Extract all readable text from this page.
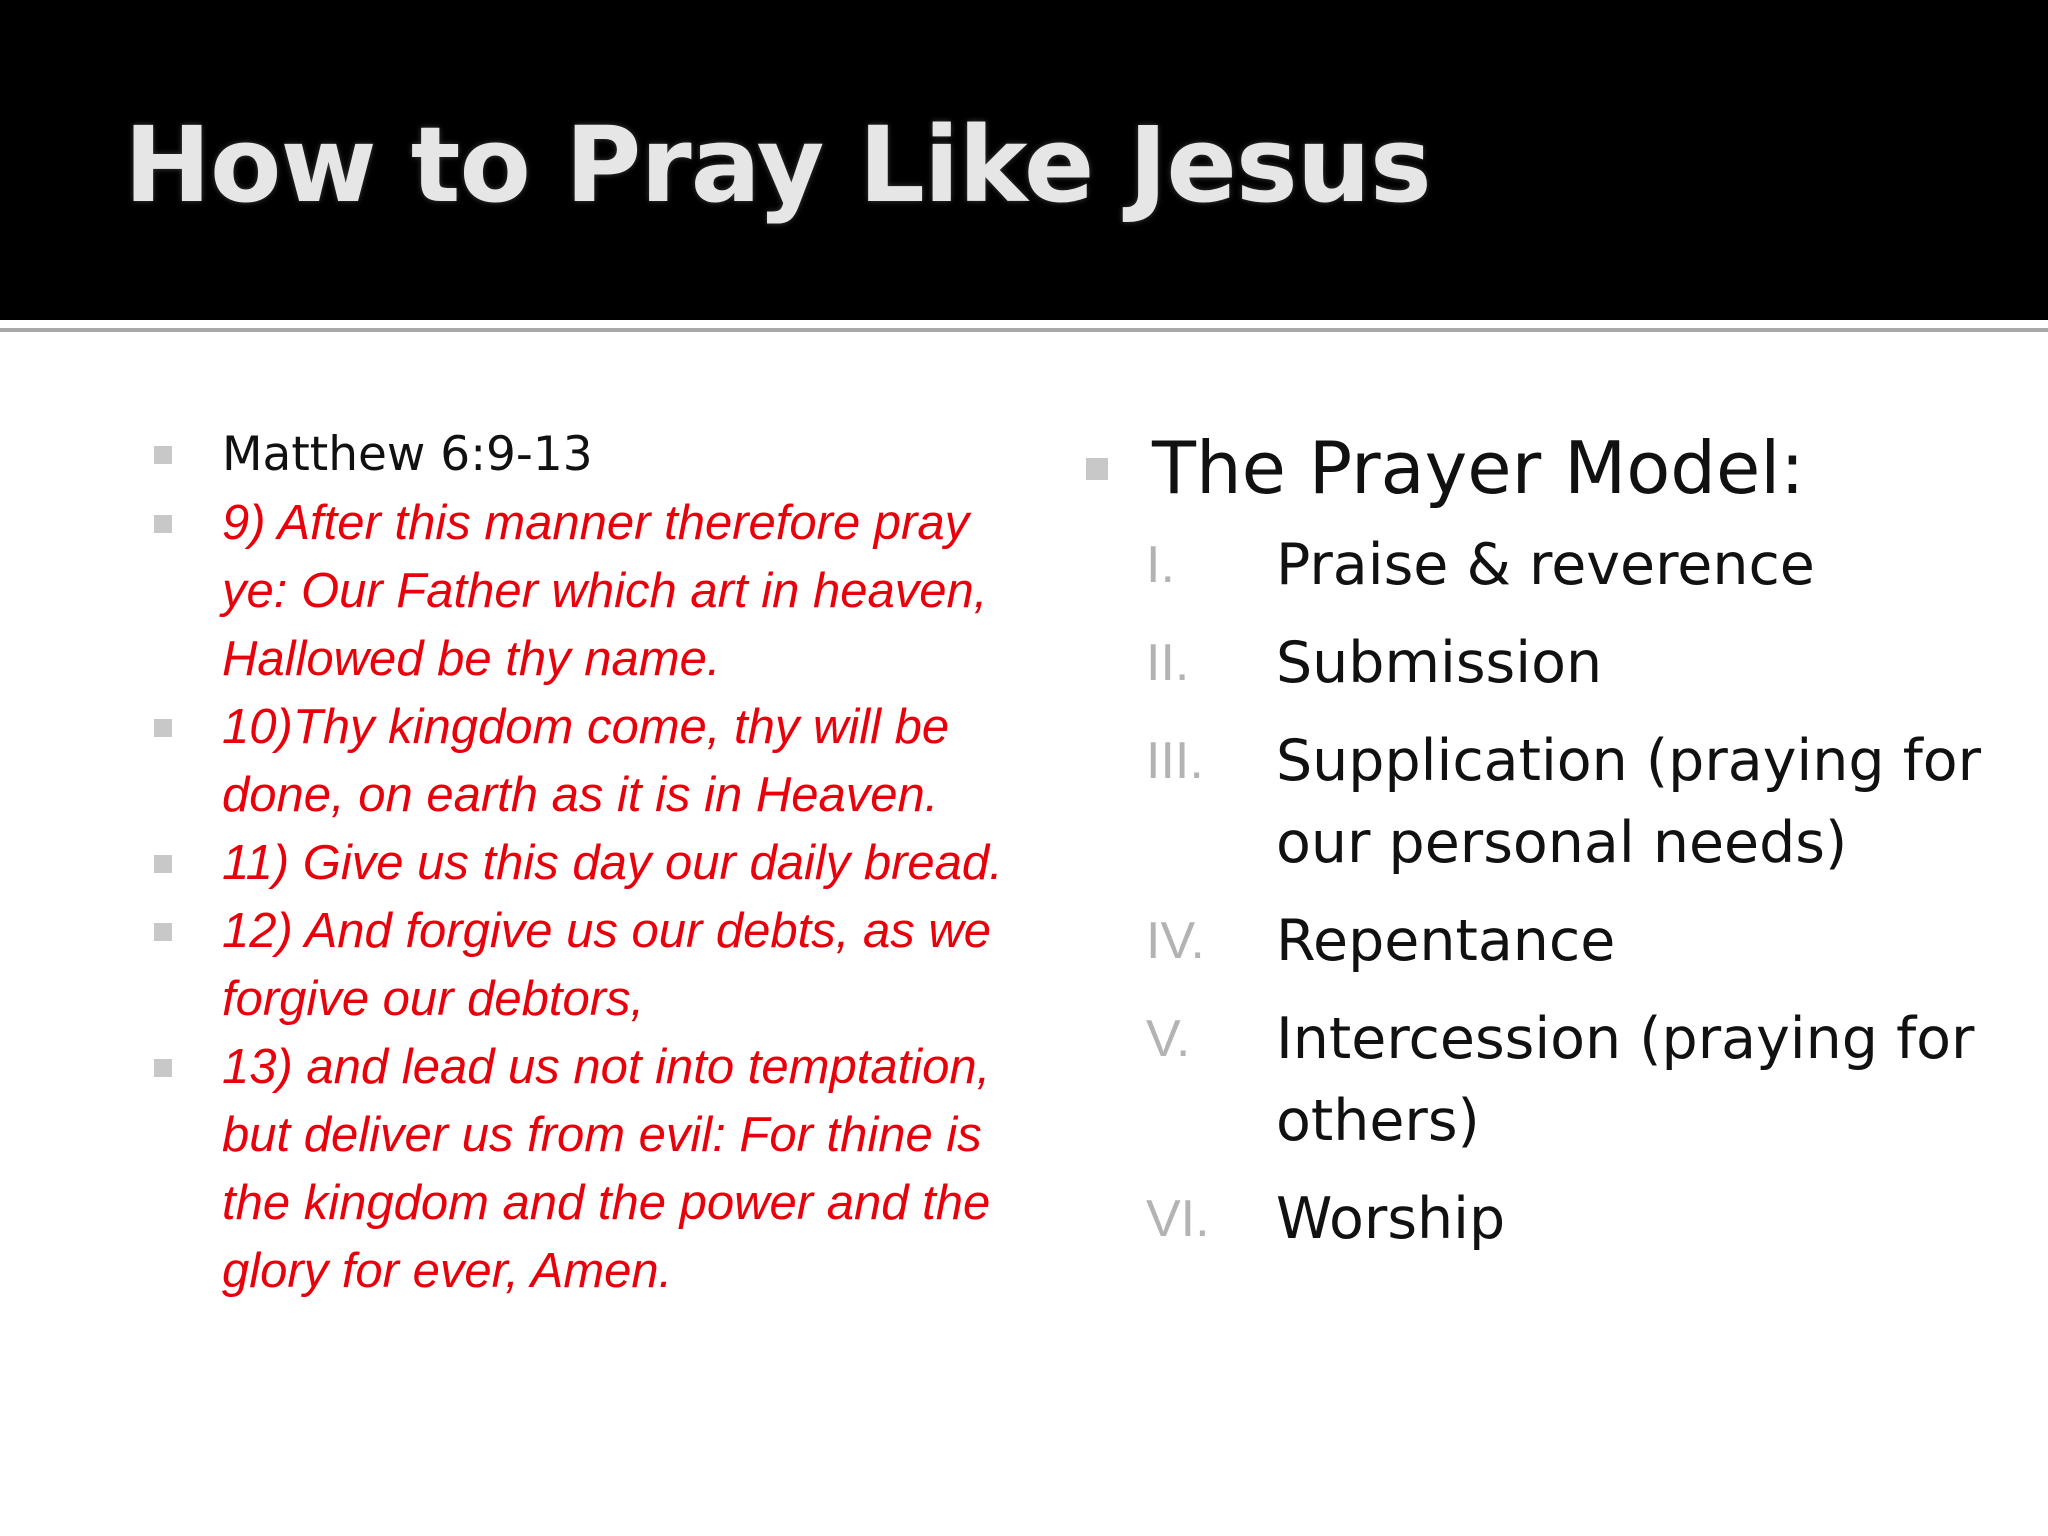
How to Pray Like Jesus
Matthew 6:9-13
9) After this manner therefore pray ye: Our Father which art in heaven, Hallowed be thy name.
10)Thy kingdom come, thy will be done, on earth as it is in Heaven.
11) Give us this day our daily bread.
12) And forgive us our debts, as we forgive our debtors,
13) and lead us not into temptation, but deliver us from evil: For thine is the kingdom and the power and the glory for ever, Amen.
The Prayer Model:
I. Praise & reverence
II. Submission
III. Supplication (praying for our personal needs)
IV. Repentance
V. Intercession (praying for others)
VI. Worship
